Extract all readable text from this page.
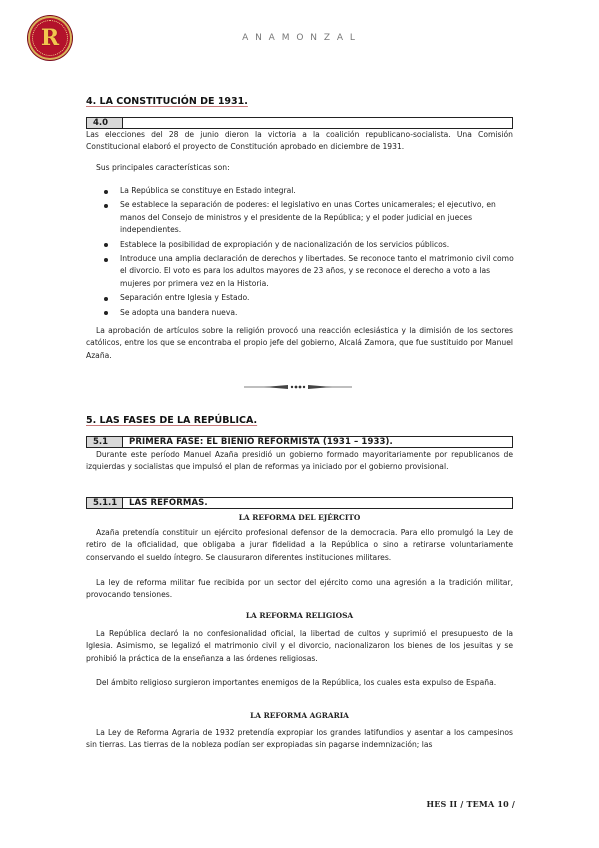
R	A N A M O N Z A L
4. LA CONSTITUCIÓN DE 1931.
4.0

Las elecciones del 28 de junio dieron la victoria a la coalición republicano-socialista. Una Comisión Constitucional elaboró el proyecto de Constitución aprobado en diciembre de 1931.

Sus principales características son:

La República se constituye en Estado integral.
Se establece la separación de poderes: el legislativo en unas Cortes unicamerales; el ejecutivo, en manos del Consejo de ministros y el presidente de la República; y el poder judicial en jueces independientes.
Establece la posibilidad de expropiación y de nacionalización de los servicios públicos.
Introduce una amplia declaración de derechos y libertades. Se reconoce tanto el matrimonio civil como el divorcio. El voto es para los adultos mayores de 23 años, y se reconoce el derecho a voto a las mujeres por primera vez en la Historia.
Separación entre Iglesia y Estado.
Se adopta una bandera nueva.

La aprobación de artículos sobre la religión provocó una reacción eclesiástica y la dimisión de los sectores católicos, entre los que se encontraba el propio jefe del gobierno, Alcalá Zamora, que fue sustituido por Manuel Azaña.

5. LAS FASES DE LA REPÚBLICA.
5.1	PRIMERA FASE: EL BIENIO REFORMISTA (1931 – 1933).

Durante este período Manuel Azaña presidió un gobierno formado mayoritariamente por republicanos de izquierdas y socialistas que impulsó el plan de reformas ya iniciado por el gobierno provisional.

5.1.1	LAS REFORMAS.
LA REFORMA DEL EJÉRCITO

Azaña pretendía constituir un ejército profesional defensor de la democracia. Para ello promulgó la Ley de retiro de la oficialidad, que obligaba a jurar fidelidad a la República o sino a retirarse voluntariamente conservando el sueldo íntegro. Se clausuraron diferentes instituciones militares.

La ley de reforma militar fue recibida por un sector del ejército como una agresión a la tradición militar, provocando tensiones.

LA REFORMA RELIGIOSA

La República declaró la no confesionalidad oficial, la libertad de cultos y suprimió el presupuesto de la Iglesia. Asimismo, se legalizó el matrimonio civil y el divorcio, nacionalizaron los bienes de los jesuitas y se prohibió la práctica de la enseñanza a las órdenes religiosas.

Del ámbito religioso surgieron importantes enemigos de la República, los cuales esta expulso de España.

LA REFORMA AGRARIA

La Ley de Reforma Agraria de 1932 pretendía expropiar los grandes latifundios y asentar a los campesinos sin tierras. Las tierras de la nobleza podían ser expropiadas sin pagarse indemnización; las

HES II / TEMA 10 /
